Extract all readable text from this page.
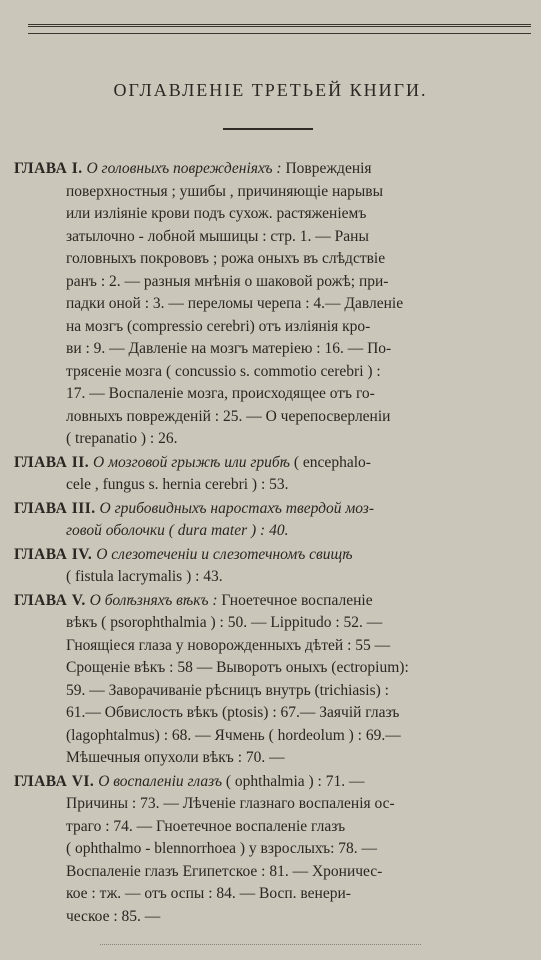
ОГЛАВЛЕНІЕ ТРЕТЬЕЙ КНИГИ.
ГЛАВА I. О головныхъ поврежденіяхъ : Поврежденія
поверхностныя ; ушибы , причиняющіе нарывы
или изліяніе крови подъ сухож. растяженіемъ
затылочно - лобной мышицы : стр. 1. — Раны
головныхъ покрововъ ; рожа оныхъ въ слѣдствіе
ранъ : 2. — разныя мнѣнія о шаковой рожѣ; при-
падки оной : 3. — переломы черепа : 4.— Давленіе
на мозгъ (compressio cerebri) отъ изліянія кро-
ви : 9. — Давленіе на мозгъ матеріею : 16. — По-
трясеніе мозга ( concussio s. commotio cerebri ) :
17. — Воспаленіе мозга, происходящее отъ го-
ловныхъ поврежденій : 25. — О черепосверленіи
( trepanatio ) : 26.
ГЛАВА II. О мозговой грыжѣ или грибѣ ( encephalo-
cele , fungus s. hernia cerebri ) : 53.
ГЛАВА III. О грибовидныхъ наростахъ твердой моз-
говой оболочки ( dura mater ) : 40.
ГЛАВА IV. О слезотеченіи и слезотечномъ свищѣ
( fistula lacrymalis ) : 43.
ГЛАВА V. О болѣзняхъ вѣкъ : Гноетечное воспаленіе
вѣкъ ( psorophthalmia ) : 50. — Lippitudo : 52. —
Гноящіеся глаза у новорожденныхъ дѣтей : 55 —
Срощеніе вѣкъ : 58 — Выворотъ оныхъ (ectropium):
59. — Заворачиваніе рѣсницъ внутрь (trichiasis) :
61.— Обвислость вѣкъ (ptosis) : 67.— Заячій глазъ
(lagophtalmus) : 68. — Ячмень ( hordeolum ) : 69.—
Мѣшечныя опухоли вѣкъ : 70. —
ГЛАВА VI. О воспаленіи глазъ ( ophthalmia ) : 71. —
Причины : 73. — Лѣченіе глазнаго воспаленія ос-
траго : 74. — Гноетечное воспаленіе глазъ
( ophthalmo - blennorrhoea ) у взрослыхъ: 78. —
Воспаленіе глазъ Египетское : 81. — Хроничес-
кое : тж. — отъ оспы : 84. — Восп. венери-
ческое : 85. —
